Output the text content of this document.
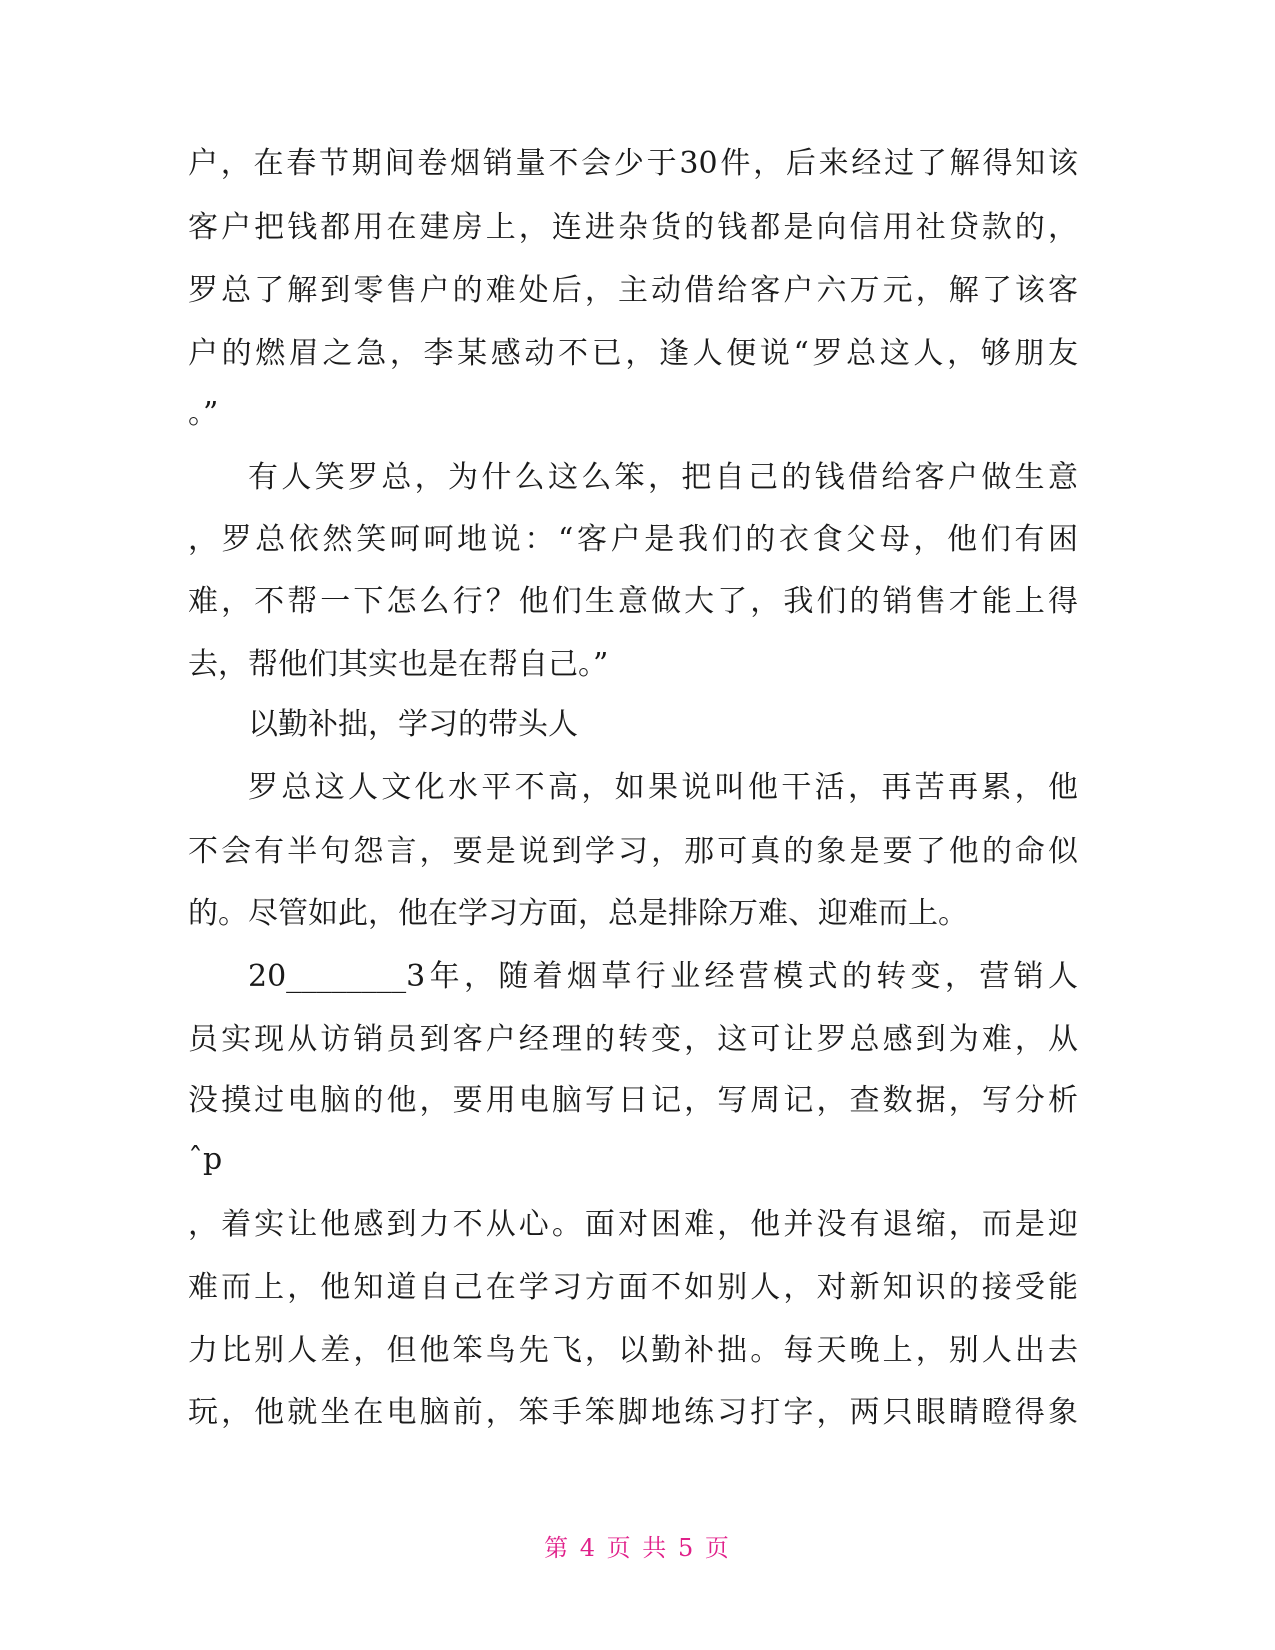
户，在春节期间卷烟销量不会少于30件，后来经过了解得知该
客户把钱都用在建房上，连进杂货的钱都是向信用社贷款的，
罗总了解到零售户的难处后，主动借给客户六万元，解了该客
户的燃眉之急，李某感动不已，逢人便说“罗总这人，够朋友
。”
有人笑罗总，为什么这么笨，把自己的钱借给客户做生意
，罗总依然笑呵呵地说：“客户是我们的衣食父母，他们有困
难，不帮一下怎么行？他们生意做大了，我们的销售才能上得
去，帮他们其实也是在帮自己。”
以勤补拙，学习的带头人
罗总这人文化水平不高，如果说叫他干活，再苦再累，他
不会有半句怨言，要是说到学习，那可真的象是要了他的命似
的。尽管如此，他在学习方面，总是排除万难、迎难而上。
20________3年，随着烟草行业经营模式的转变，营销人
员实现从访销员到客户经理的转变，这可让罗总感到为难，从
没摸过电脑的他，要用电脑写日记，写周记，查数据，写分析
ˆp
，着实让他感到力不从心。面对困难，他并没有退缩，而是迎
难而上，他知道自己在学习方面不如别人，对新知识的接受能
力比别人差，但他笨鸟先飞，以勤补拙。每天晚上，别人出去
玩，他就坐在电脑前，笨手笨脚地练习打字，两只眼睛瞪得象
第 4 页 共 5 页
